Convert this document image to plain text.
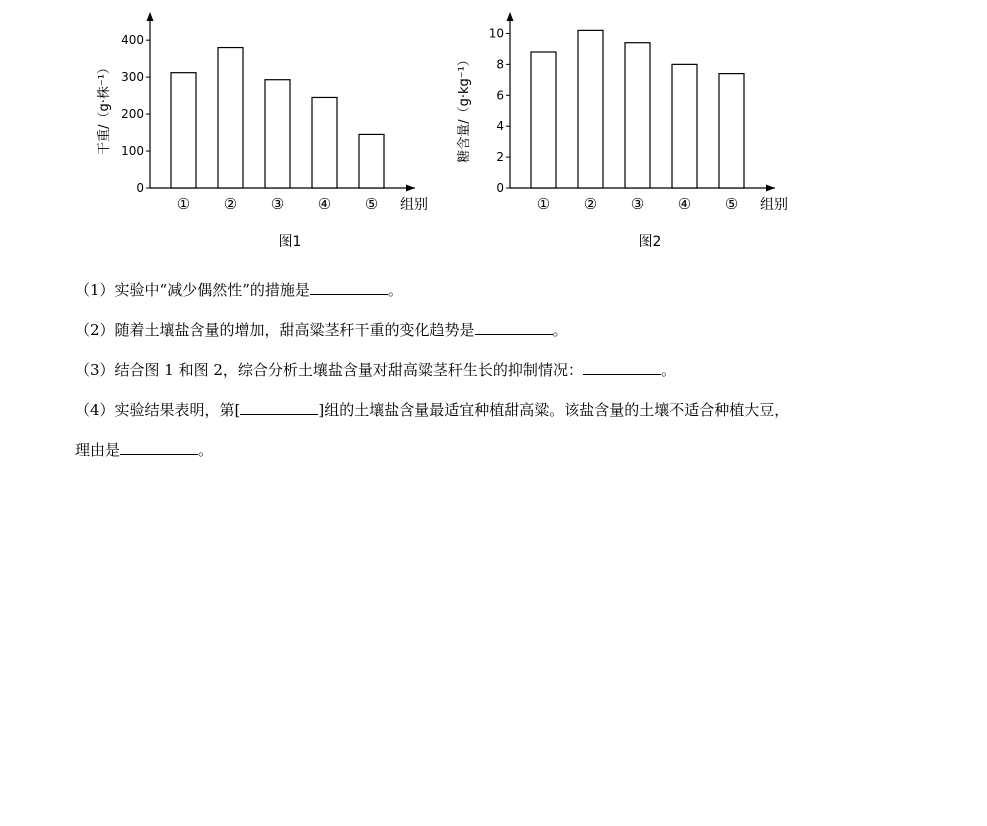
0
100
200
300
400
① ② ③ ④ ⑤ 组别
干重/（g·株⁻¹）
图1
0
2
4
6
8
10
① ② ③ ④ ⑤ 组别
糖含量/（g·kg⁻¹）
图2
（1）实验中“减少偶然性”的措施是	。
（2）随着土壤盐含量的增加，甜高粱茎秆干重的变化趋势是	。
（3）结合图 1 和图 2，综合分析土壤盐含量对甜高粱茎秆生长的抑制情况：	。
（4）实验结果表明，第[	]组的土壤盐含量最适宜种植甜高粱。该盐含量的土壤不适合种植大豆，
理由是	。
